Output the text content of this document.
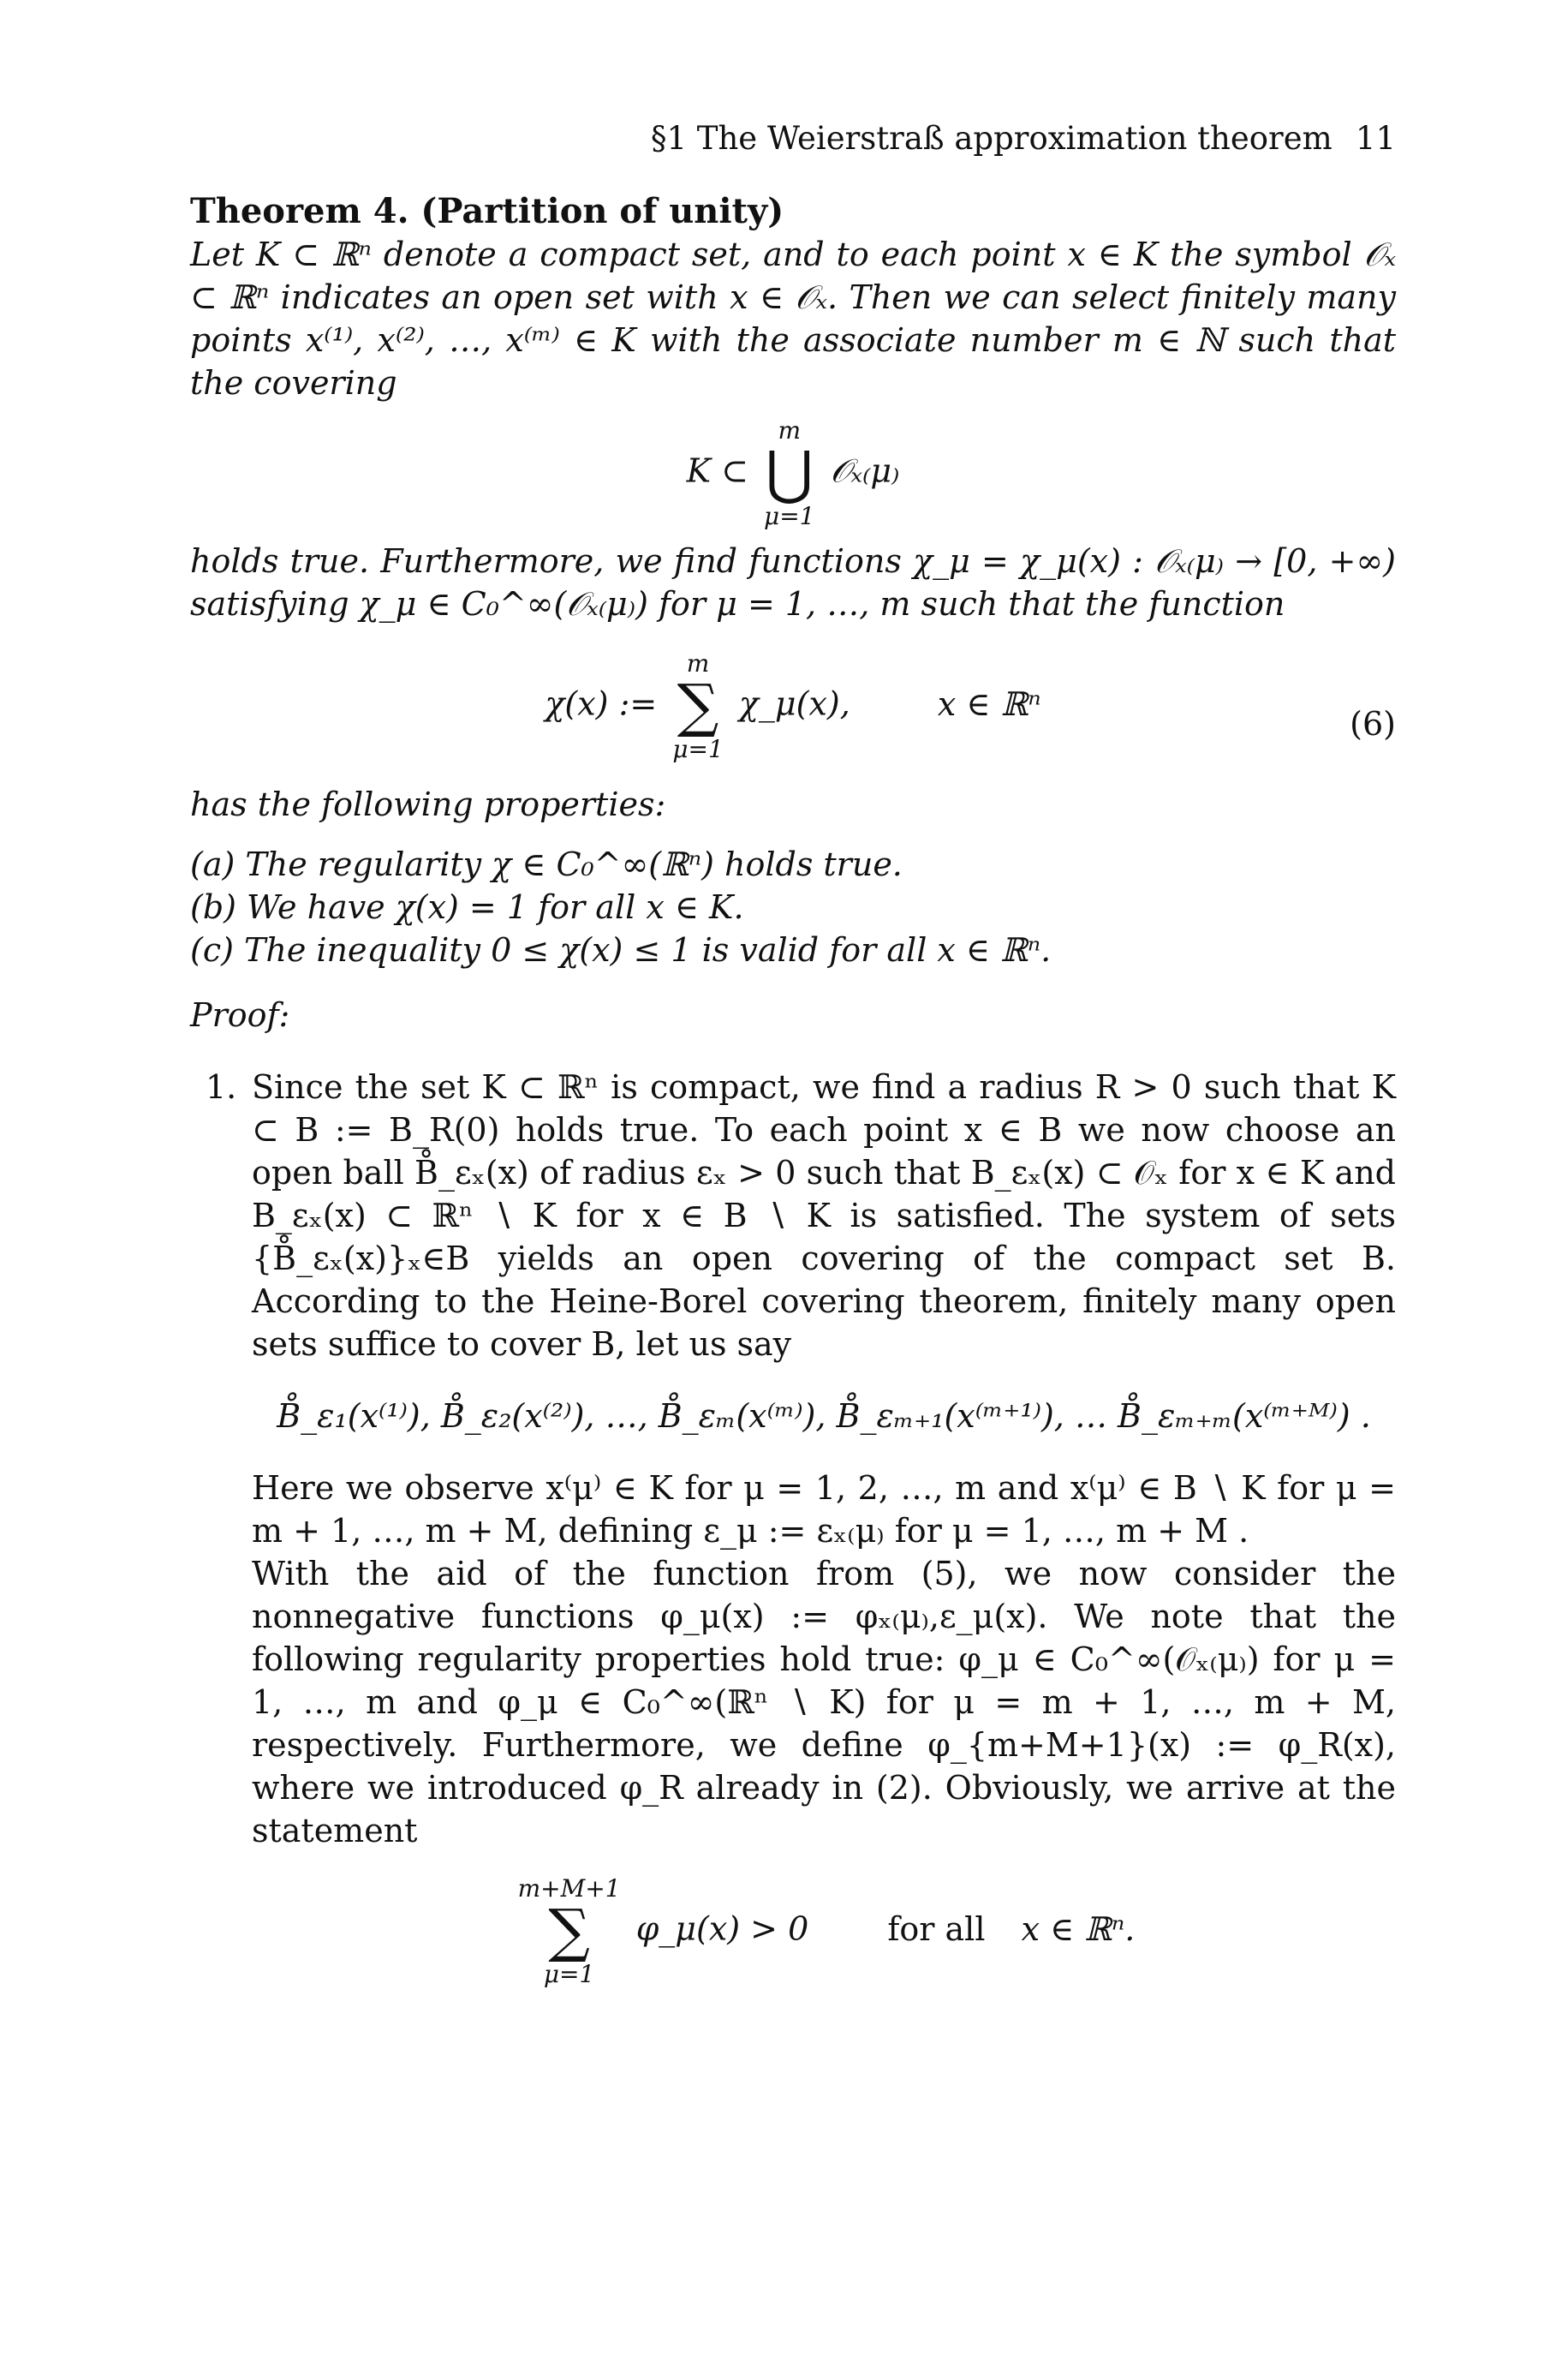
§1 The Weierstraß approximation theorem 11
Theorem 4. (Partition of unity)

Let K ⊂ ℝⁿ denote a compact set, and to each point x ∈ K the symbol 𝒪ₓ ⊂ ℝⁿ indicates an open set with x ∈ 𝒪ₓ. Then we can select finitely many points x⁽¹⁾, x⁽²⁾, …, x⁽ᵐ⁾ ∈ K with the associate number m ∈ ℕ such that the covering

K ⊂
m
⋃
μ=1
𝒪ₓ₍μ₎

holds true. Furthermore, we find functions χ_μ = χ_μ(x) : 𝒪ₓ₍μ₎ → [0, +∞) satisfying χ_μ ∈ C₀^∞(𝒪ₓ₍μ₎) for μ = 1, …, m such that the function

χ(x) :=
m
∑
μ=1
χ_μ(x),	x ∈ ℝⁿ
(6)

has the following properties:

(a) The regularity χ ∈ C₀^∞(ℝⁿ) holds true.
(b) We have χ(x) = 1 for all x ∈ K.
(c) The inequality 0 ≤ χ(x) ≤ 1 is valid for all x ∈ ℝⁿ.
Proof:
1. Since the set K ⊂ ℝⁿ is compact, we find a radius R > 0 such that K ⊂ B := B_R(0) holds true. To each point x ∈ B we now choose an open ball B̊_εₓ(x) of radius εₓ > 0 such that B_εₓ(x) ⊂ 𝒪ₓ for x ∈ K and B_εₓ(x) ⊂ ℝⁿ ∖ K for x ∈ B ∖ K is satisfied. The system of sets {B̊_εₓ(x)}ₓ∈B yields an open covering of the compact set B. According to the Heine-Borel covering theorem, finitely many open sets suffice to cover B, let us say

B̊_ε₁(x⁽¹⁾), B̊_ε₂(x⁽²⁾), …, B̊_εₘ(x⁽ᵐ⁾), B̊_εₘ₊₁(x⁽ᵐ⁺¹⁾), … B̊_εₘ₊ₘ(x⁽ᵐ⁺ᴹ⁾) .

Here we observe x⁽μ⁾ ∈ K for μ = 1, 2, …, m and x⁽μ⁾ ∈ B ∖ K for μ = m + 1, …, m + M, defining ε_μ := εₓ₍μ₎ for μ = 1, …, m + M .

With the aid of the function from (5), we now consider the nonnegative functions φ_μ(x) := φₓ₍μ₎,ε_μ(x). We note that the following regularity properties hold true: φ_μ ∈ C₀^∞(𝒪ₓ₍μ₎) for μ = 1, …, m and φ_μ ∈ C₀^∞(ℝⁿ ∖ K) for μ = m + 1, …, m + M, respectively. Furthermore, we define φ_{m+M+1}(x) := φ_R(x), where we introduced φ_R already in (2). Obviously, we arrive at the statement

m+M+1
∑
μ=1
φ_μ(x) > 0 for all x ∈ ℝⁿ.
